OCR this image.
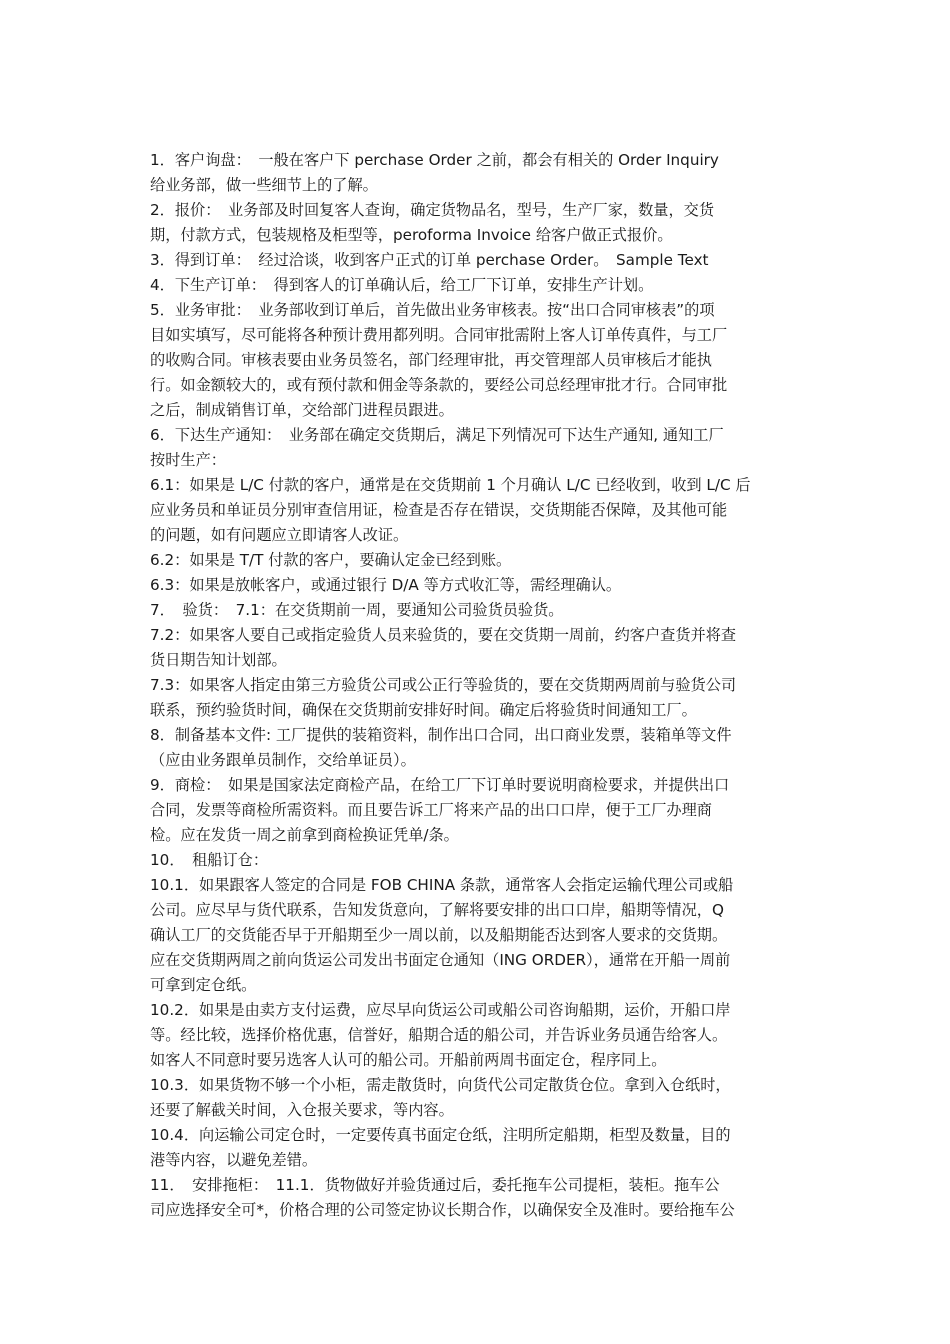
1．客户询盘：　一般在客户下 perchase Order 之前，都会有相关的 Order Inquiry
给业务部，做一些细节上的了解。
2．报价：　业务部及时回复客人查询，确定货物品名，型号，生产厂家，数量，交货
期，付款方式，包装规格及柜型等，peroforma Invoice 给客户做正式报价。
3．得到订单：　经过洽谈，收到客户正式的订单 perchase Order。　Sample Text
4．下生产订单：　得到客人的订单确认后，给工厂下订单，安排生产计划。
5．业务审批：　业务部收到订单后，首先做出业务审核表。按“出口合同审核表”的项
目如实填写，尽可能将各种预计费用都列明。合同审批需附上客人订单传真件，与工厂
的收购合同。审核表要由业务员签名，部门经理审批，再交管理部人员审核后才能执
行。如金额较大的，或有预付款和佣金等条款的，要经公司总经理审批才行。合同审批
之后，制成销售订单，交给部门进程员跟进。
6．下达生产通知：　业务部在确定交货期后，满足下列情况可下达生产通知, 通知工厂
按时生产：
6.1：如果是 L/C 付款的客户，通常是在交货期前 1 个月确认 L/C 已经收到，收到 L/C 后
应业务员和单证员分别审查信用证，检查是否存在错误，交货期能否保障，及其他可能
的问题，如有问题应立即请客人改证。
6.2：如果是 T/T 付款的客户，要确认定金已经到账。
6.3：如果是放帐客户，或通过银行 D/A 等方式收汇等，需经理确认。
7．　验货：　7.1：在交货期前一周，要通知公司验货员验货。
7.2：如果客人要自己或指定验货人员来验货的，要在交货期一周前，约客户查货并将查
货日期告知计划部。
7.3：如果客人指定由第三方验货公司或公正行等验货的，要在交货期两周前与验货公司
联系，预约验货时间，确保在交货期前安排好时间。确定后将验货时间通知工厂。
8．制备基本文件: 工厂提供的装箱资料，制作出口合同，出口商业发票，装箱单等文件
（应由业务跟单员制作，交给单证员）。
9．商检：　如果是国家法定商检产品，在给工厂下订单时要说明商检要求，并提供出口
合同，发票等商检所需资料。而且要告诉工厂将来产品的出口口岸，便于工厂办理商
检。应在发货一周之前拿到商检换证凭单/条。
10．　租船订仓：
10.1．如果跟客人签定的合同是 FOB CHINA 条款，通常客人会指定运输代理公司或船
公司。应尽早与货代联系，告知发货意向，了解将要安排的出口口岸，船期等情况，Q
确认工厂的交货能否早于开船期至少一周以前，以及船期能否达到客人要求的交货期。
应在交货期两周之前向货运公司发出书面定仓通知（ING ORDER），通常在开船一周前
可拿到定仓纸。
10.2．如果是由卖方支付运费，应尽早向货运公司或船公司咨询船期，运价，开船口岸
等。经比较，选择价格优惠，信誉好，船期合适的船公司，并告诉业务员通告给客人。
如客人不同意时要另选客人认可的船公司。开船前两周书面定仓，程序同上。
10.3．如果货物不够一个小柜，需走散货时，向货代公司定散货仓位。拿到入仓纸时，
还要了解截关时间，入仓报关要求，等内容。
10.4．向运输公司定仓时，一定要传真书面定仓纸，注明所定船期，柜型及数量，目的
港等内容，以避免差错。
11．　安排拖柜：　11.1．货物做好并验货通过后，委托拖车公司提柜，装柜。拖车公
司应选择安全可*，价格合理的公司签定协议长期合作，以确保安全及准时。要给拖车公
